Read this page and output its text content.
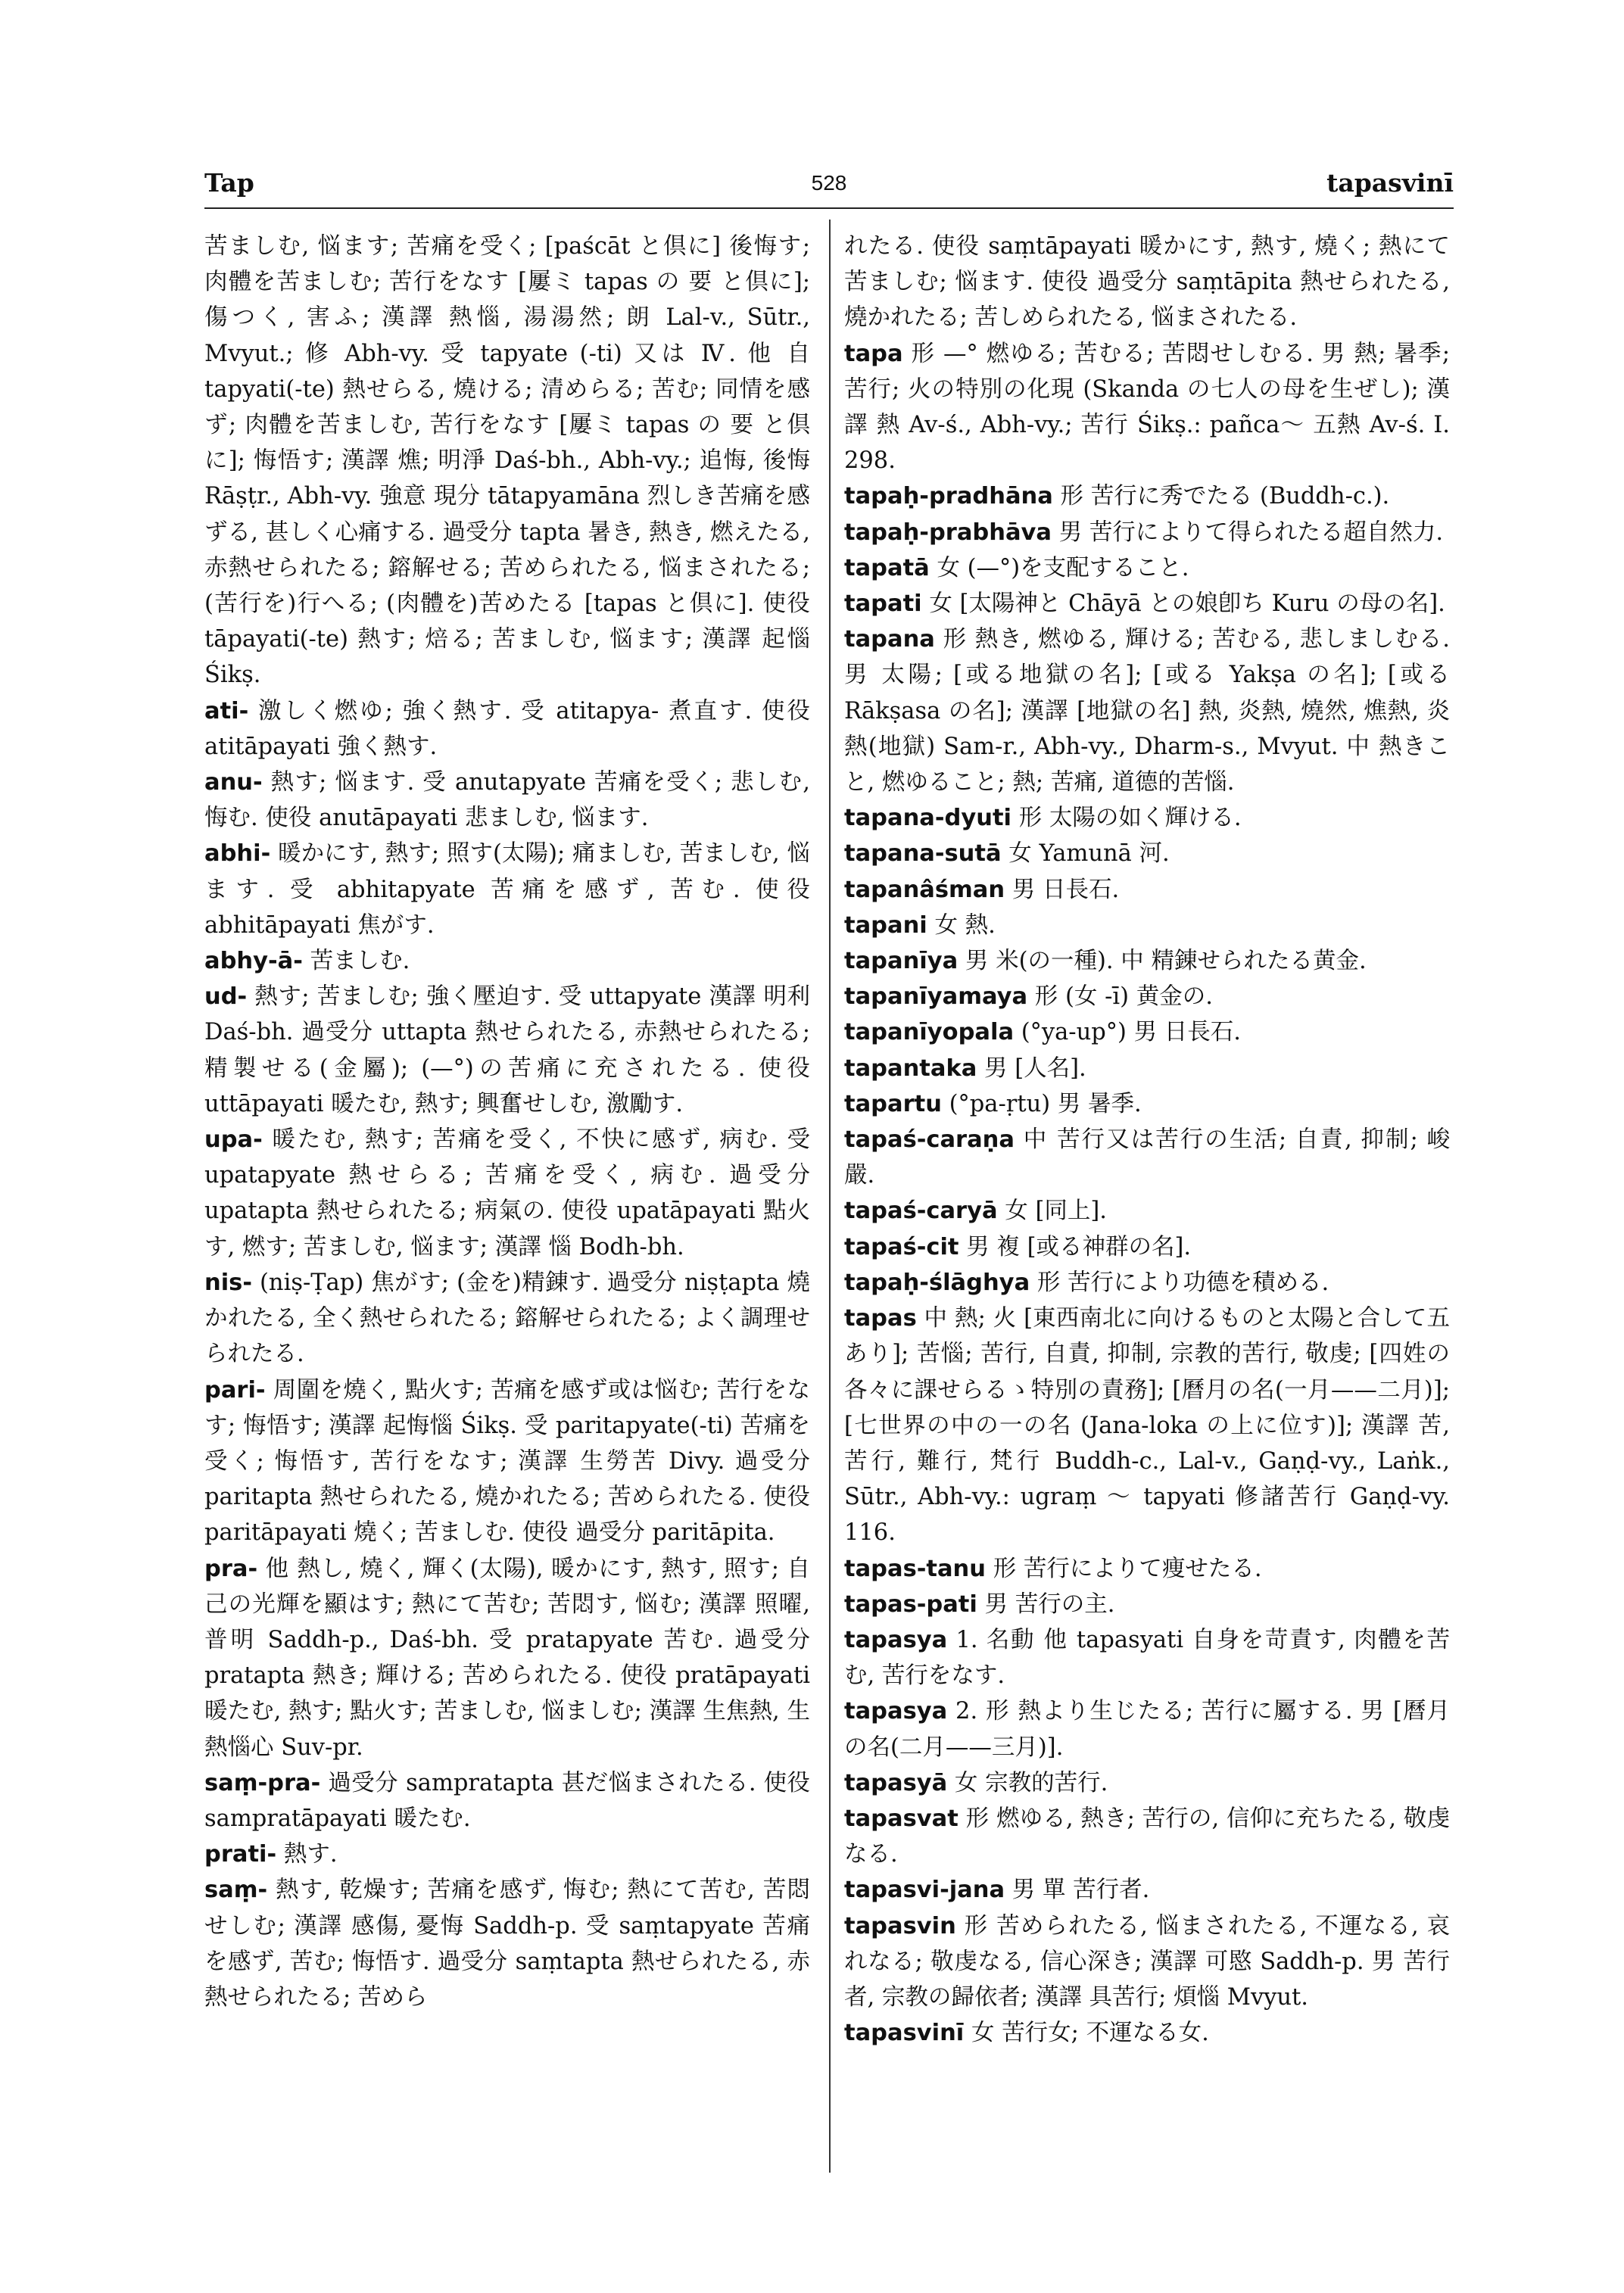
Tap	528	tapasvinī

苦ましむ, 悩ます; 苦痛を受く; [paścāt と倶に] 後悔す; 肉體を苦ましむ; 苦行をなす [屢ミ tapas の 要 と倶に]; 傷つく, 害ふ; 漢譯 熱惱, 湯湯然; 朗 Lal-v., Sūtr., Mvyut.; 修 Abh-vy. 受 tapyate (-ti) 又は Ⅳ. 他 自 tapyati(-te) 熱せらる, 燒ける; 清めらる; 苦む; 同情を感ず; 肉體を苦ましむ, 苦行をなす [屢ミ tapas の 要 と倶に]; 悔悟す; 漢譯 燋; 明淨 Daś-bh., Abh-vy.; 追悔, 後悔 Rāṣṭr., Abh-vy. 強意 現分 tātapyamāna 烈しき苦痛を感ずる, 甚しく心痛する. 過受分 tapta 暑き, 熱き, 燃えたる, 赤熱せられたる; 鎔解せる; 苦められたる, 悩まされたる; (苦行を)行へる; (肉體を)苦めたる [tapas と倶に]. 使役 tāpayati(-te) 熱す; 焙る; 苦ましむ, 悩ます; 漢譯 起惱 Śikṣ.

ati- 激しく燃ゆ; 強く熱す. 受 atitapya- 煮直す. 使役 atitāpayati 強く熱す.

anu- 熱す; 悩ます. 受 anutapyate 苦痛を受く; 悲しむ, 悔む. 使役 anutāpayati 悲ましむ, 悩ます.

abhi- 暖かにす, 熱す; 照す(太陽); 痛ましむ, 苦ましむ, 悩ます. 受 abhitapyate 苦痛を感ず, 苦む. 使役 abhitāpayati 焦がす.

abhy-ā- 苦ましむ.

ud- 熱す; 苦ましむ; 強く壓迫す. 受 uttapyate 漢譯 明利 Daś-bh. 過受分 uttapta 熱せられたる, 赤熱せられたる; 精製せる(金屬); (—°)の苦痛に充されたる. 使役 uttāpayati 暖たむ, 熱す; 興奮せしむ, 激勵す.

upa- 暖たむ, 熱す; 苦痛を受く, 不快に感ず, 病む. 受 upatapyate 熱せらる; 苦痛を受く, 病む. 過受分 upatapta 熱せられたる; 病氣の. 使役 upatāpayati 點火す, 燃す; 苦ましむ, 悩ます; 漢譯 惱 Bodh-bh.

nis- (niṣ-Ṭap) 焦がす; (金を)精錬す. 過受分 niṣṭapta 燒かれたる, 全く熱せられたる; 鎔解せられたる; よく調理せられたる.

pari- 周圍を燒く, 點火す; 苦痛を感ず或は悩む; 苦行をなす; 悔悟す; 漢譯 起悔惱 Śikṣ. 受 paritapyate(-ti) 苦痛を受く; 悔悟す, 苦行をなす; 漢譯 生勞苦 Divy. 過受分 paritapta 熱せられたる, 燒かれたる; 苦められたる. 使役 paritāpayati 燒く; 苦ましむ. 使役 過受分 paritāpita.

pra- 他 熱し, 燒く, 輝く(太陽), 暖かにす, 熱す, 照す; 自己の光輝を顯はす; 熱にて苦む; 苦悶す, 悩む; 漢譯 照曜, 普明 Saddh-p., Daś-bh. 受 pratapyate 苦む. 過受分 pratapta 熱き; 輝ける; 苦められたる. 使役 pratāpayati 暖たむ, 熱す; 點火す; 苦ましむ, 悩ましむ; 漢譯 生焦熱, 生熱惱心 Suv-pr.

saṃ-pra- 過受分 sampratapta 甚だ悩まされたる. 使役 sampratāpayati 暖たむ.

prati- 熱す.

saṃ- 熱す, 乾燥す; 苦痛を感ず, 悔む; 熱にて苦む, 苦悶せしむ; 漢譯 感傷, 憂悔 Saddh-p. 受 saṃtapyate 苦痛を感ず, 苦む; 悔悟す. 過受分 saṃtapta 熱せられたる, 赤熱せられたる; 苦めら

れたる. 使役 saṃtāpayati 暖かにす, 熱す, 燒く; 熱にて苦ましむ; 悩ます. 使役 過受分 saṃtāpita 熱せられたる, 燒かれたる; 苦しめられたる, 悩まされたる.

tapa 形 —° 燃ゆる; 苦むる; 苦悶せしむる. 男 熱; 暑季; 苦行; 火の特別の化現 (Skanda の七人の母を生ぜし); 漢譯 熱 Av-ś., Abh-vy.; 苦行 Śikṣ.: pañca〜 五熱 Av-ś. I. 298.

tapaḥ-pradhāna 形 苦行に秀でたる (Buddh-c.).

tapaḥ-prabhāva 男 苦行によりて得られたる超自然力.

tapatā 女 (—°)を支配すること.

tapati 女 [太陽神と Chāyā との娘卽ち Kuru の母の名].

tapana 形 熱き, 燃ゆる, 輝ける; 苦むる, 悲しましむる. 男 太陽; [或る地獄の名]; [或る Yakṣa の名]; [或る Rākṣasa の名]; 漢譯 [地獄の名] 熱, 炎熱, 燒然, 燋熱, 炎熱(地獄) Sam-r., Abh-vy., Dharm-s., Mvyut. 中 熱きこと, 燃ゆること; 熱; 苦痛, 道德的苦惱.

tapana-dyuti 形 太陽の如く輝ける.

tapana-sutā 女 Yamunā 河.

tapanâśman 男 日長石.

tapani 女 熱.

tapanīya 男 米(の一種). 中 精錬せられたる黄金.

tapanīyamaya 形 (女 -ī) 黄金の.

tapanīyopala (°ya-up°) 男 日長石.

tapantaka 男 [人名].

tapartu (°pa-ṛtu) 男 暑季.

tapaś-caraṇa 中 苦行又は苦行の生活; 自責, 抑制; 峻嚴.

tapaś-caryā 女 [同上].

tapaś-cit 男 複 [或る神群の名].

tapaḥ-ślāghya 形 苦行により功德を積める.

tapas 中 熱; 火 [東西南北に向けるものと太陽と合して五あり]; 苦惱; 苦行, 自責, 抑制, 宗教的苦行, 敬虔; [四姓の各々に課せらるゝ特別の責務]; [曆月の名(一月——二月)]; [七世界の中の一の名 (Jana-loka の上に位す)]; 漢譯 苦, 苦行, 難行, 梵行 Buddh-c., Lal-v., Gaṇḍ-vy., Laṅk., Sūtr., Abh-vy.: ugraṃ 〜 tapyati 修諸苦行 Gaṇḍ-vy. 116.

tapas-tanu 形 苦行によりて痩せたる.

tapas-pati 男 苦行の主.

tapasya 1. 名動 他 tapasyati 自身を苛責す, 肉體を苦む, 苦行をなす.

tapasya 2. 形 熱より生じたる; 苦行に屬する. 男 [曆月の名(二月——三月)].

tapasyā 女 宗教的苦行.

tapasvat 形 燃ゆる, 熱き; 苦行の, 信仰に充ちたる, 敬虔なる.

tapasvi-jana 男 單 苦行者.

tapasvin 形 苦められたる, 悩まされたる, 不運なる, 哀れなる; 敬虔なる, 信心深き; 漢譯 可愍 Saddh-p. 男 苦行者, 宗教の歸依者; 漢譯 具苦行; 煩惱 Mvyut.

tapasvinī 女 苦行女; 不運なる女.
